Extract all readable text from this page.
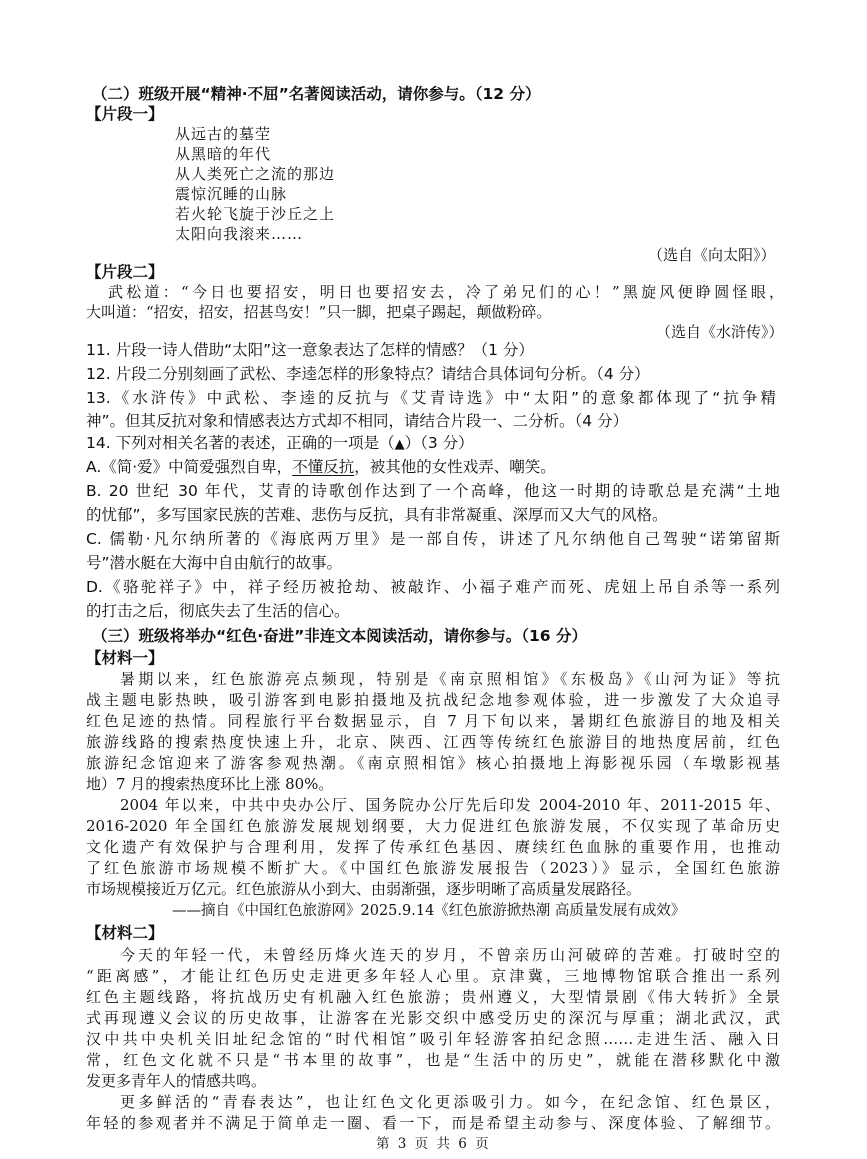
（二）班级开展“精神·不屈”名著阅读活动，请你参与。（12 分）
【片段一】
从远古的墓茔
从黑暗的年代
从人类死亡之流的那边
震惊沉睡的山脉
若火轮飞旋于沙丘之上
太阳向我滚来……
（选自《向太阳》）
【片段二】
武松道：“今日也要招安，明日也要招安去，冷了弟兄们的心！”黑旋风便睁圆怪眼，
大叫道：“招安，招安，招甚鸟安！”只一脚，把桌子踢起，颠做粉碎。
（选自《水浒传》）
11. 片段一诗人借助“太阳”这一意象表达了怎样的情感？（1 分）
12. 片段二分别刻画了武松、李逵怎样的形象特点？请结合具体词句分析。（4 分）
13.《水浒传》中武松、李逵的反抗与《艾青诗选》中“太阳”的意象都体现了“抗争精
神”。但其反抗对象和情感表达方式却不相同，请结合片段一、二分析。（4 分）
14. 下列对相关名著的表述，正确的一项是（▲）（3 分）
A.《简·爱》中简爱强烈自卑，不懂反抗，被其他的女性戏弄、嘲笑。
B. 20 世纪 30 年代，艾青的诗歌创作达到了一个高峰，他这一时期的诗歌总是充满“土地
的忧郁”，多写国家民族的苦难、悲伤与反抗，具有非常凝重、深厚而又大气的风格。
C. 儒勒·凡尔纳所著的《海底两万里》是一部自传，讲述了凡尔纳他自己驾驶“诺第留斯
号”潜水艇在大海中自由航行的故事。
D.《骆驼祥子》中，祥子经历被抢劫、被敲诈、小福子难产而死、虎妞上吊自杀等一系列
的打击之后，彻底失去了生活的信心。
（三）班级将举办“红色·奋进”非连文本阅读活动，请你参与。（16 分）
【材料一】
暑期以来，红色旅游亮点频现，特别是《南京照相馆》《东极岛》《山河为证》等抗
战主题电影热映，吸引游客到电影拍摄地及抗战纪念地参观体验，进一步激发了大众追寻
红色足迹的热情。同程旅行平台数据显示，自 7 月下旬以来，暑期红色旅游目的地及相关
旅游线路的搜索热度快速上升，北京、陕西、江西等传统红色旅游目的地热度居前，红色
旅游纪念馆迎来了游客参观热潮。《南京照相馆》核心拍摄地上海影视乐园（车墩影视基
地）7 月的搜索热度环比上涨 80%。
2004 年以来，中共中央办公厅、国务院办公厅先后印发 2004-2010 年、2011-2015 年、
2016-2020 年全国红色旅游发展规划纲要，大力促进红色旅游发展，不仅实现了革命历史
文化遗产有效保护与合理利用，发挥了传承红色基因、赓续红色血脉的重要作用，也推动
了红色旅游市场规模不断扩大。《中国红色旅游发展报告（2023）》显示，全国红色旅游
市场规模接近万亿元。红色旅游从小到大、由弱渐强，逐步明晰了高质量发展路径。
——摘自《中国红色旅游网》2025.9.14《红色旅游掀热潮 高质量发展有成效》
【材料二】
今天的年轻一代，未曾经历烽火连天的岁月，不曾亲历山河破碎的苦难。打破时空的
“距离感”，才能让红色历史走进更多年轻人心里。京津冀，三地博物馆联合推出一系列
红色主题线路，将抗战历史有机融入红色旅游；贵州遵义，大型情景剧《伟大转折》全景
式再现遵义会议的历史故事，让游客在光影交织中感受历史的深沉与厚重；湖北武汉，武
汉中共中央机关旧址纪念馆的“时代相馆”吸引年轻游客拍纪念照……走进生活、融入日
常，红色文化就不只是“书本里的故事”，也是“生活中的历史”，就能在潜移默化中激
发更多青年人的情感共鸣。
更多鲜活的“青春表达”，也让红色文化更添吸引力。如今，在纪念馆、红色景区，
年轻的参观者并不满足于简单走一圈、看一下，而是希望主动参与、深度体验、了解细节。
第 3 页 共 6 页
